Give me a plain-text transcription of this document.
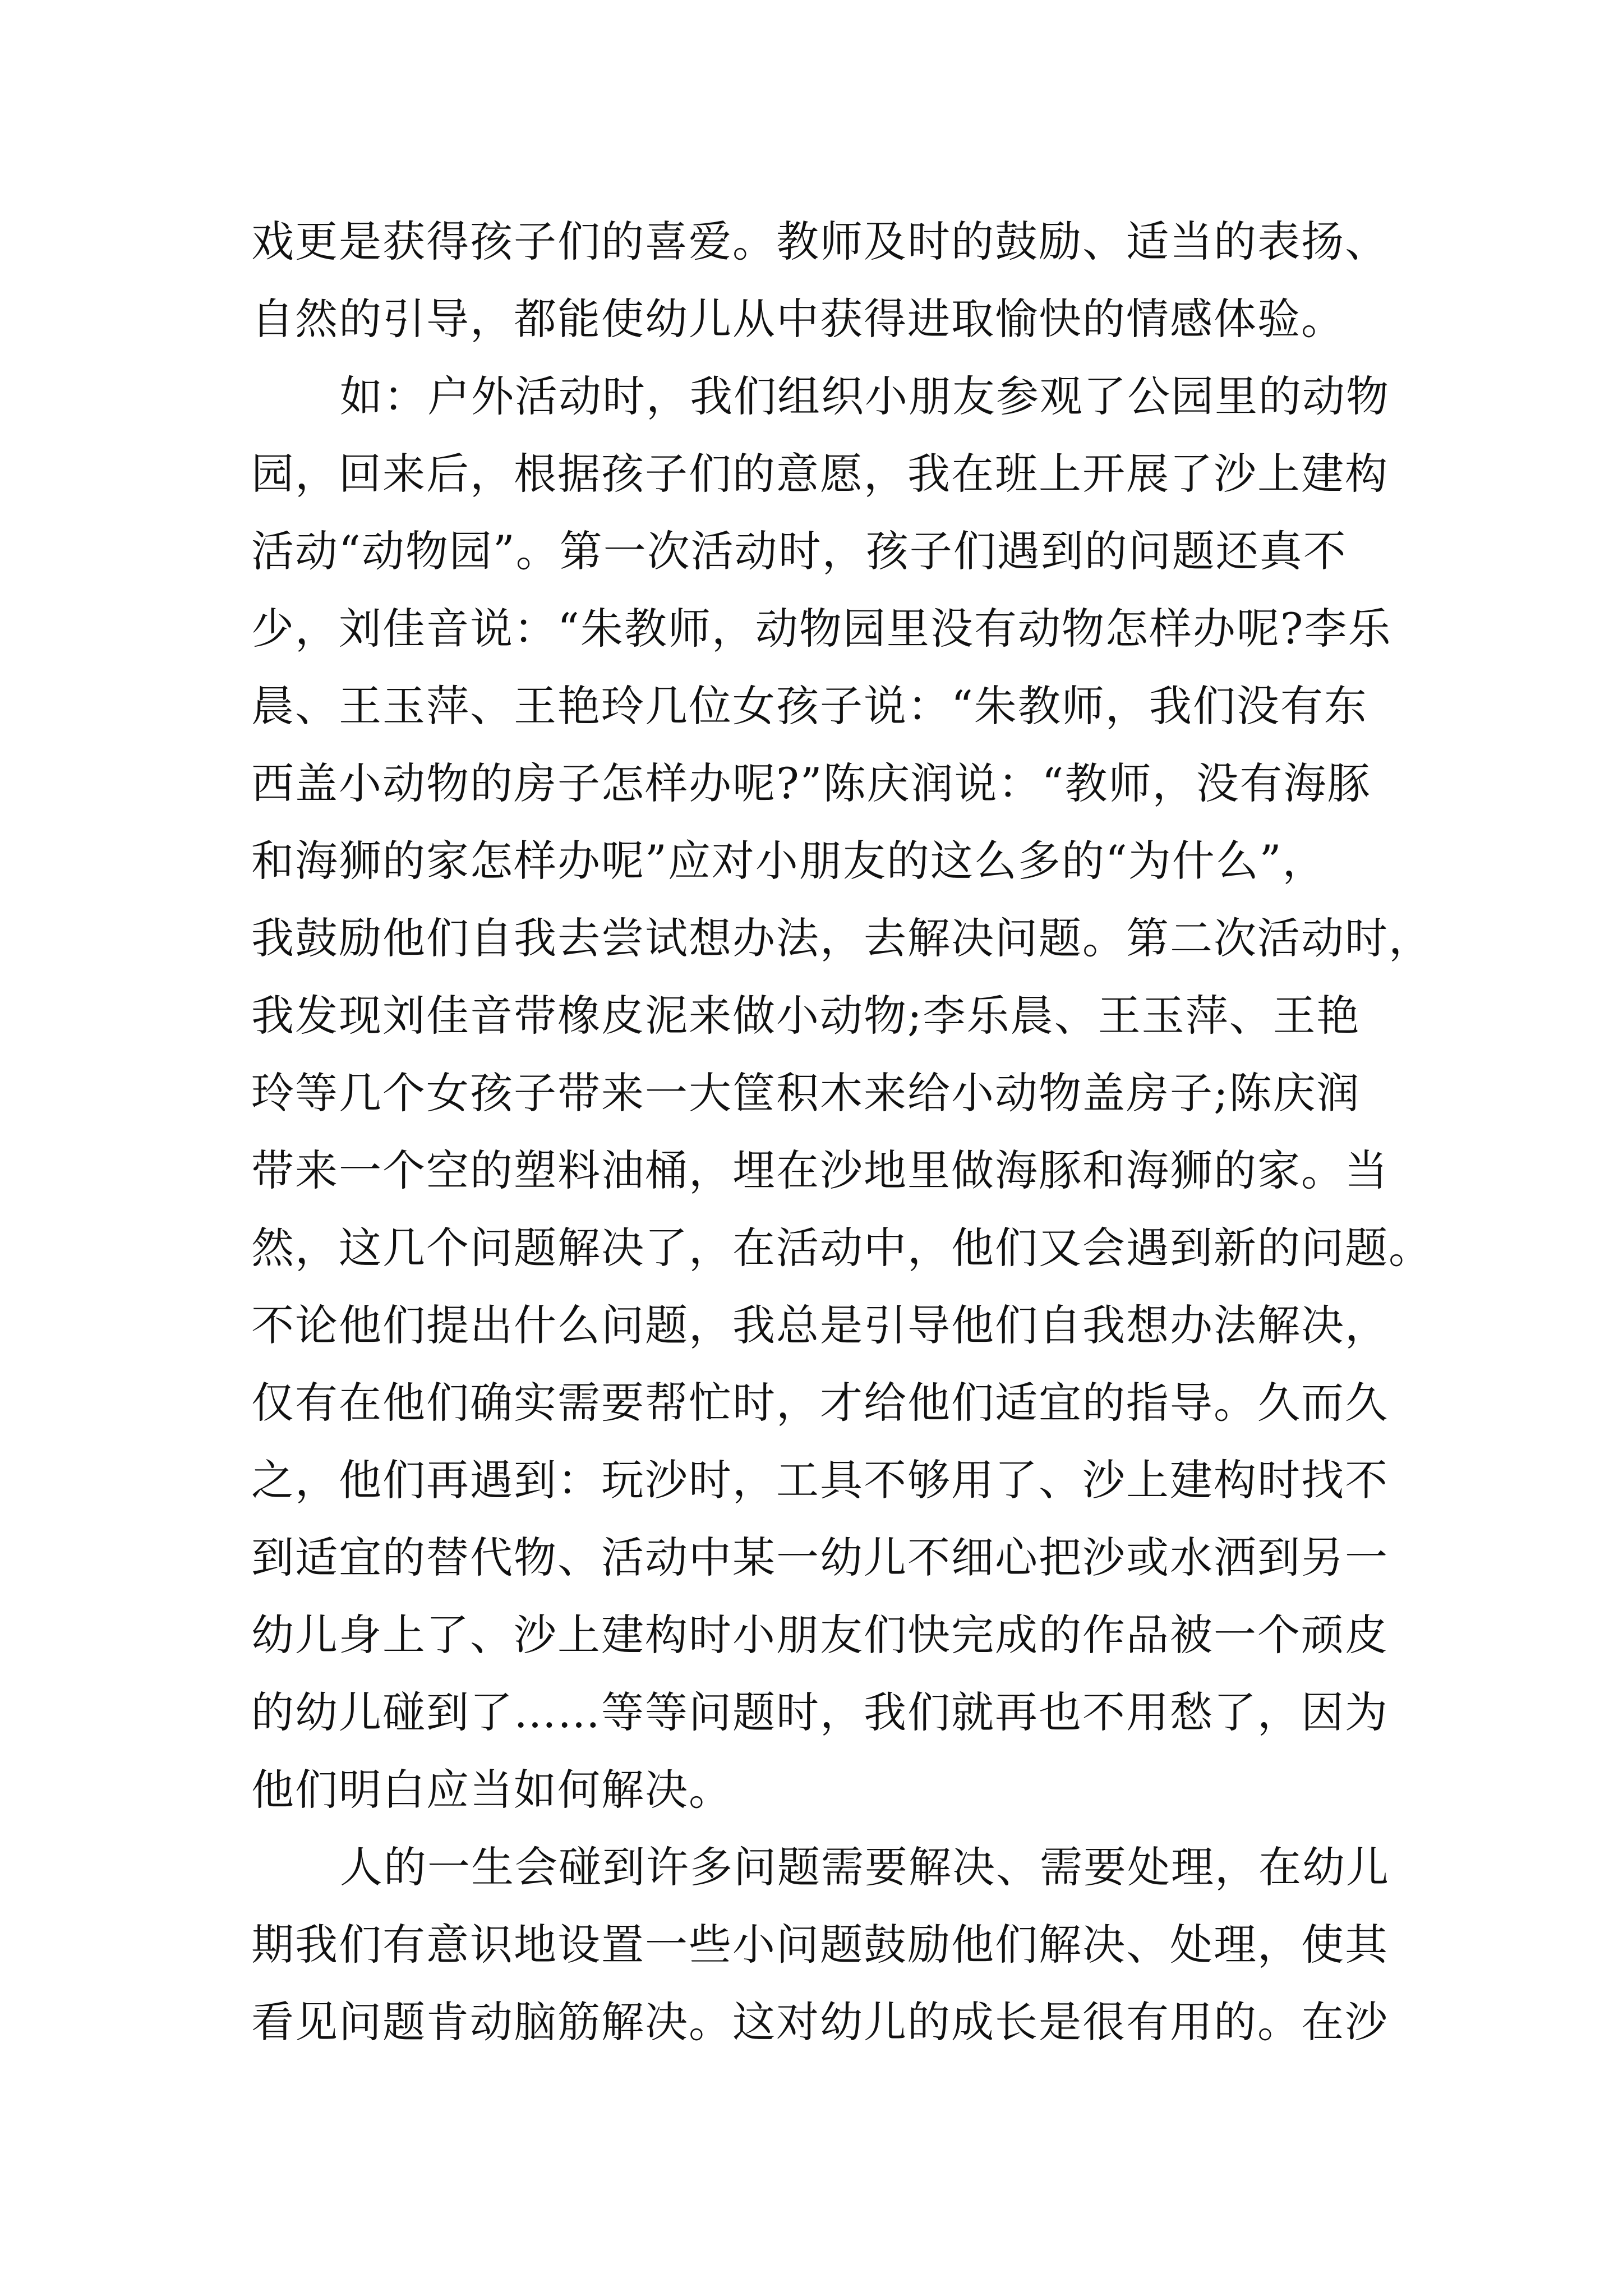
戏更是获得孩子们的喜爱。教师及时的鼓励、适当的表扬、
自然的引导，都能使幼儿从中获得进取愉快的情感体验。
如：户外活动时，我们组织小朋友参观了公园里的动物
园，回来后，根据孩子们的意愿，我在班上开展了沙上建构
活动“动物园”。第一次活动时，孩子们遇到的问题还真不
少，刘佳音说：“朱教师，动物园里没有动物怎样办呢?李乐
晨、王玉萍、王艳玲几位女孩子说：“朱教师，我们没有东
西盖小动物的房子怎样办呢?”陈庆润说：“教师，没有海豚
和海狮的家怎样办呢”应对小朋友的这么多的“为什么”，
我鼓励他们自我去尝试想办法，去解决问题。第二次活动时，
我发现刘佳音带橡皮泥来做小动物;李乐晨、王玉萍、王艳
玲等几个女孩子带来一大筐积木来给小动物盖房子;陈庆润
带来一个空的塑料油桶，埋在沙地里做海豚和海狮的家。当
然，这几个问题解决了，在活动中，他们又会遇到新的问题。
不论他们提出什么问题，我总是引导他们自我想办法解决，
仅有在他们确实需要帮忙时，才给他们适宜的指导。久而久
之，他们再遇到：玩沙时，工具不够用了、沙上建构时找不
到适宜的替代物、活动中某一幼儿不细心把沙或水洒到另一
幼儿身上了、沙上建构时小朋友们快完成的作品被一个顽皮
的幼儿碰到了……等等问题时，我们就再也不用愁了，因为
他们明白应当如何解决。
人的一生会碰到许多问题需要解决、需要处理，在幼儿
期我们有意识地设置一些小问题鼓励他们解决、处理，使其
看见问题肯动脑筋解决。这对幼儿的成长是很有用的。在沙
